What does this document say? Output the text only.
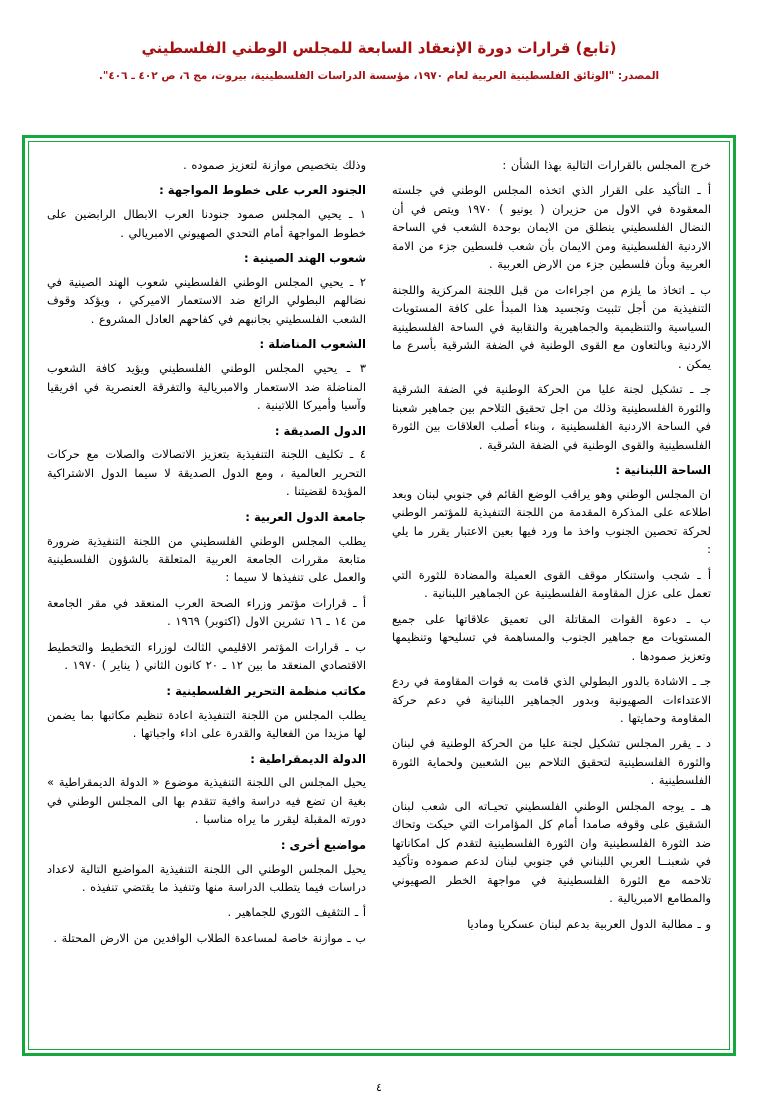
(تابع) قرارات دورة الإنعقاد السابعة للمجلس الوطني الفلسطيني
المصدر: "الوثائق الفلسطينية العربية لعام ١٩٧٠، مؤسسة الدراسات الفلسطينية، بيروت، مج ٦، ص ٤٠٢ ـ ٤٠٦".
خرج المجلس بالقرارات التالية بهذا الشأن :
أ ـ التأكيد على القرار الذي اتخذه المجلس الوطني في جلسته المعقودة في الاول من حزيران ( يونيو ) ١٩٧٠ ويتص في أن النضال الفلسطيني ينطلق من الايمان بوحدة الشعب في الساحة الاردنية الفلسطينية ومن الايمان بأن شعب فلسطين جزء من الامة العربية وبأن فلسطين جزء من الارض العربية .
ب ـ اتخاذ ما يلزم من اجراءات من قبل اللجنة المركزية واللجنة التنفيذية من أجل تثبيت وتجسيد هذا المبدأ على كافة المستويات السياسية والتنظيمية والجماهيرية والنقابية في الساحة الفلسطينية الاردنية وبالتعاون مع القوى الوطنية في الضفة الشرقية بأسرع ما يمكن .
جـ ـ تشكيل لجنة عليا من الحركة الوطنية في الضفة الشرقية والثورة الفلسطينية وذلك من اجل تحقيق التلاحم بين جماهير شعبنا في الساحة الاردنية الفلسطينية ، وبناء أصلب العلاقات بين الثورة الفلسطينية والقوى الوطنية في الضفة الشرقية .
الساحة اللبنانية :
ان المجلس الوطني وهو يراقب الوضع القائم في جنوبي لبنان وبعد اطلاعه على المذكرة المقدمة من اللجنة التنفيذية للمؤتمر الوطني لحركة تحصين الجنوب واخذ ما ورد فيها بعين الاعتبار يقرر ما يلي :
أ ـ شجب واستنكار موقف القوى العميلة والمضادة للثورة التي تعمل على عزل المقاومة الفلسطينية عن الجماهير اللبنانية .
ب ـ دعوة القوات المقاتلة الى تعميق علاقاتها على جميع المستويات مع جماهير الجنوب والمساهمة في تسليحها وتنظيمها وتعزيز صمودها .
جـ ـ الاشادة بالدور البطولي الذي قامت به قوات المقاومة في ردع الاعتداءات الصهيونية وبدور الجماهير اللبنانية في دعم حركة المقاومة وحمايتها .
د ـ يقرر المجلس تشكيل لجنة عليا من الحركة الوطنية في لبنان والثورة الفلسطينية لتحقيق التلاحم بين الشعبين ولحماية الثورة الفلسطينية .
هـ ـ يوجه المجلس الوطني الفلسطيني تحيـاته الى شعب لبنان الشقيق على وقوفه صامدا أمام كل المؤامرات التي حيكت وتحاك ضد الثورة الفلسطينية وان الثورة الفلسطينية لتقدم كل امكاناتها في شعبنــا العربي اللبناني في جنوبي لبنان لدعم صموده وتأكيد تلاحمه مع الثورة الفلسطينية في مواجهة الخطر الصهيوني والمطامع الامبريالية .
و ـ مطالبة الدول العربية بدعم لبنان عسكريا وماديا
وذلك بتخصيص موازنة لتعزيز صموده .
الجنود العرب على خطوط المواجهة :
١ ـ يحيي المجلس صمود جنودنا العرب الابطال الرابضين على خطوط المواجهة أمام التحدي الصهيوني الامبريالي .
شعوب الهند الصينية :
٢ ـ يحيي المجلس الوطني الفلسطيني شعوب الهند الصينية في نضالهم البطولي الرائع ضد الاستعمار الاميركي ، ويؤكد وقوف الشعب الفلسطيني بجانبهم في كفاحهم العادل المشروع .
الشعوب المناضلة :
٣ ـ يحيي المجلس الوطني الفلسطيني ويؤيد كافة الشعوب المناضلة ضد الاستعمار والامبريالية والتفرقة العنصرية في افريقيا وآسيا وأميركا اللاتينية .
الدول الصديقة :
٤ ـ تكليف اللجنة التنفيذية بتعزيز الاتصالات والصلات مع حركات التحرير العالمية ، ومع الدول الصديقة لا سيما الدول الاشتراكية المؤيدة لقضيتنا .
جامعة الدول العربية :
يطلب المجلس الوطني الفلسطيني من اللجنة التنفيذية ضرورة متابعة مقررات الجامعة العربية المتعلقة بالشؤون الفلسطينية والعمل على تنفيذها لا سيما :
أ ـ قرارات مؤتمر وزراء الصحة العرب المنعقد في مقر الجامعة من ١٤ ـ ١٦ تشرين الاول (اكتوبر) ١٩٦٩ .
ب ـ قرارات المؤتمر الاقليمي الثالث لوزراء التخطيط والتخطيط الاقتصادي المنعقد ما بين ١٢ ـ ٢٠ كانون الثاني ( يناير ) ١٩٧٠ .
مكاتب منظمة التحرير الفلسطينية :
يطلب المجلس من اللجنة التنفيذية اعادة تنظيم مكاتبها بما يضمن لها مزيدا من الفعالية والقدرة على اداء واجباتها .
الدولة الديمقراطية :
يحيل المجلس الى اللجنة التنفيذية موضوع « الدولة الديمقراطية » بغية ان تضع فيه دراسة وافية تتقدم بها الى المجلس الوطني في دورته المقبلة ليقرر ما يراه مناسبا .
مواضيع أخرى :
يحيل المجلس الوطني الى اللجنة التنفيذية المواضيع التالية لاعداد دراسات فيما يتطلب الدراسة منها وتنفيذ ما يقتضي تنفيذه .
أ ـ التثقيف الثوري للجماهير .
ب ـ موازنة خاصة لمساعدة الطلاب الوافدين من الارض المحتلة .
٤
